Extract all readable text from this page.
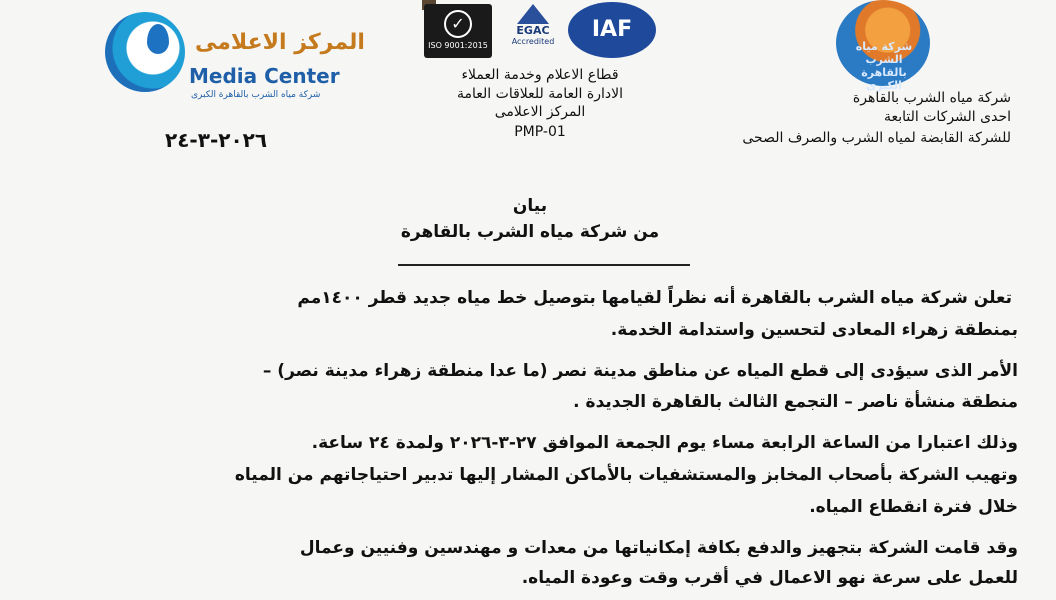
المركز الاعلامى
Media Center
شركة مياه الشرب بالقاهرة الكبرى
٢٠٢٦-٣-٢٤
✓
ISO 9001:2015
EGAC
Accredited	IAF
قطاع الاعلام وخدمة العملاء
الادارة العامة للعلاقات العامة
المركز الاعلامى
PMP-01
شركة مياه الشرب بالقاهرة الكبرى
شركة مياه الشرب بالقاهرة
احدى الشركات التابعة
للشركة القابضة لمياه الشرب والصرف الصحى
بيان
من شركة مياه الشرب بالقاهرة
تعلن شركة مياه الشرب بالقاهرة أنه نظراً لقيامها بتوصيل خط مياه جديد قطر ١٤٠٠مم
بمنطقة زهراء المعادى لتحسين واستدامة الخدمة.
الأمر الذى سيؤدى إلى قطع المياه عن مناطق مدينة نصر (ما عدا منطقة زهراء مدينة نصر) –
منطقة منشأة ناصر – التجمع الثالث بالقاهرة الجديدة .
وذلك اعتبارا من الساعة الرابعة مساء يوم الجمعة الموافق ٢٧-٣-٢٠٢٦ ولمدة ٢٤ ساعة.
وتهيب الشركة بأصحاب المخابز والمستشفيات بالأماكن المشار إليها تدبير احتياجاتهم من المياه
خلال فترة انقطاع المياه.
وقد قامت الشركة بتجهيز والدفع بكافة إمكانياتها من معدات و مهندسين وفنيين وعمال
للعمل على سرعة نهو الاعمال في أقرب وقت وعودة المياه.
